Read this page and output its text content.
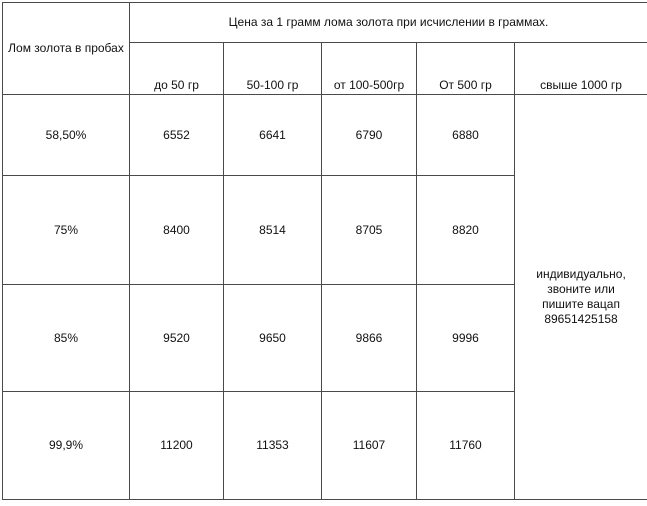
Лом золота в пробах	Цена за 1 грамм лома золота при исчислении в граммах.				
	до 50 гр	50-100 гр	от 100-500гр	От 500 гр	свыше 1000 гр
58,50%	6552	6641	6790	6880	индивидуально,
звоните или
пишите вацап
89651425158

75%	8400	8514	8705	8820	
85%	9520	9650	9866	9996	
99,9%	11200	11353	11607	11760	
